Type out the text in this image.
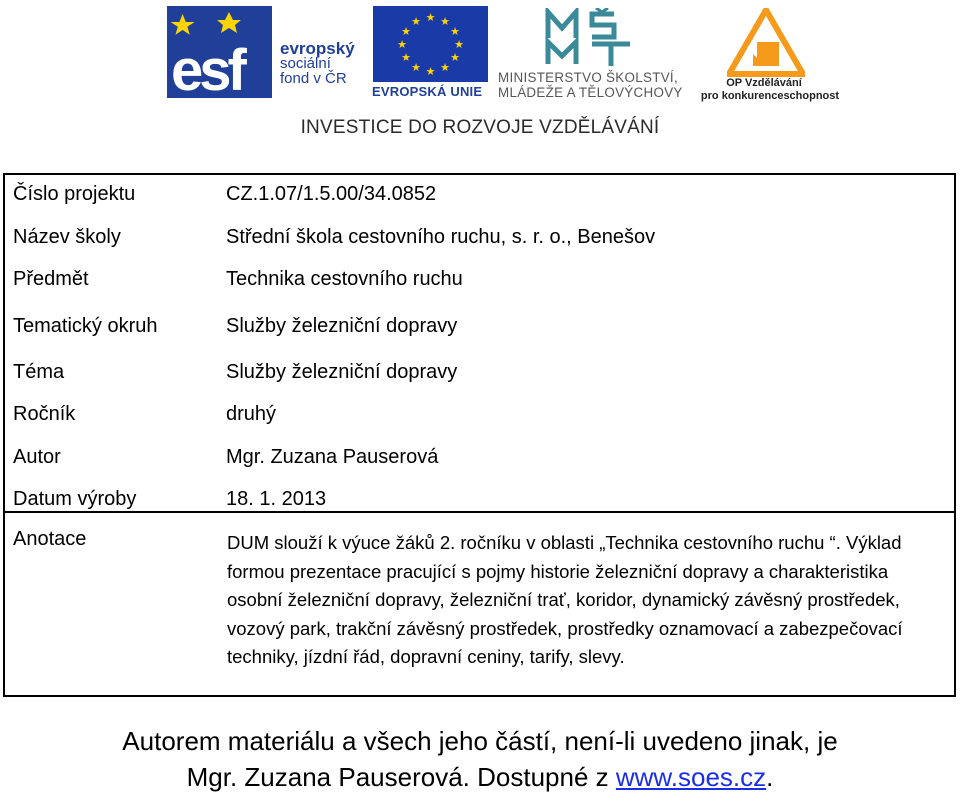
esf evropský
sociální
fond v ČR
★ ★
★
★
★
★
★
★
★
★
★
★
EVROPSKÁ UNIE
MINISTERSTVO ŠKOLSTVÍ,
MLÁDEŽE A TĚLOVÝCHOVY
OP Vzdělávání
pro konkurenceschopnost
INVESTICE DO ROZVOJE VZDĚLÁVÁNÍ
Číslo projektu	CZ.1.07/1.5.00/34.0852
Název školy	Střední škola cestovního ruchu, s. r. o., Benešov
Předmět	Technika cestovního ruchu
Tematický okruh	Služby železniční dopravy
Téma	Služby železniční dopravy
Ročník	druhý
Autor	Mgr. Zuzana Pauserová
Datum výroby	18. 1. 2013
Anotace	DUM slouží k výuce žáků 2. ročníku v oblasti „Technika cestovního ruchu “. Výklad formou prezentace pracující s pojmy historie železniční dopravy a charakteristika osobní železniční dopravy, železniční trať, koridor, dynamický závěsný prostředek, vozový park, trakční závěsný prostředek, prostředky oznamovací a zabezpečovací techniky, jízdní řád, dopravní ceniny, tarify, slevy.
Autorem materiálu a všech jeho částí, není-li uvedeno jinak, je
Mgr. Zuzana Pauserová. Dostupné z www.soes.cz.
